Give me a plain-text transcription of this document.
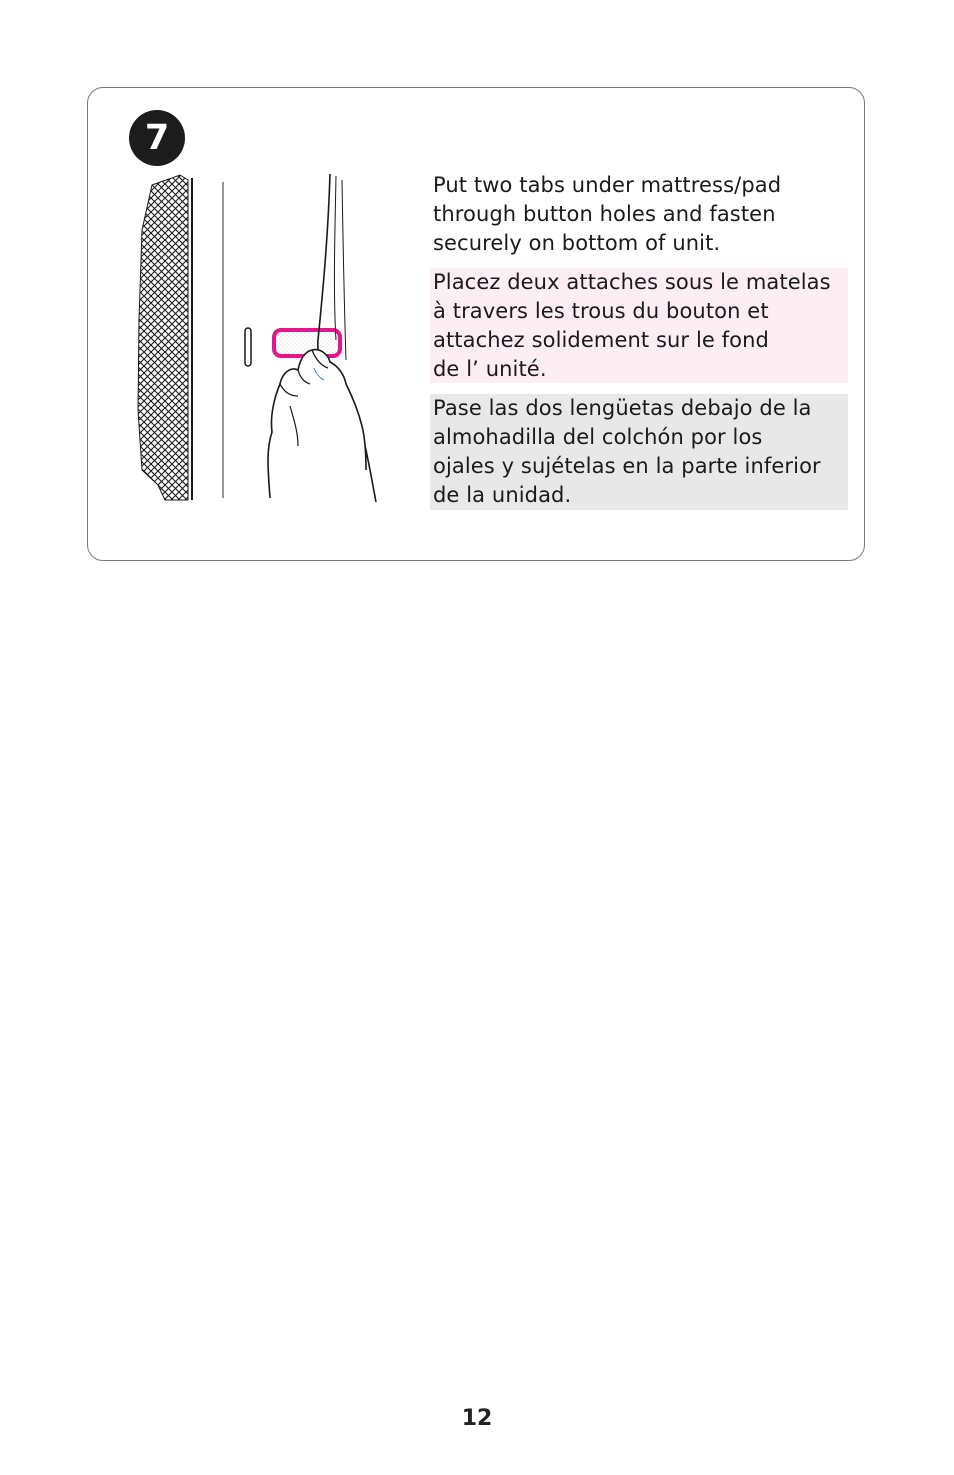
7

Put two tabs under mattress/pad

through button holes and fasten

securely on bottom of unit.

Placez deux attaches sous le matelas

à travers les trous du bouton et

attachez solidement sur le fond

de l’ unité.

Pase las dos lengüetas debajo de la

almohadilla del colchón por los

ojales y sujételas en la parte inferior

de la unidad.

12
